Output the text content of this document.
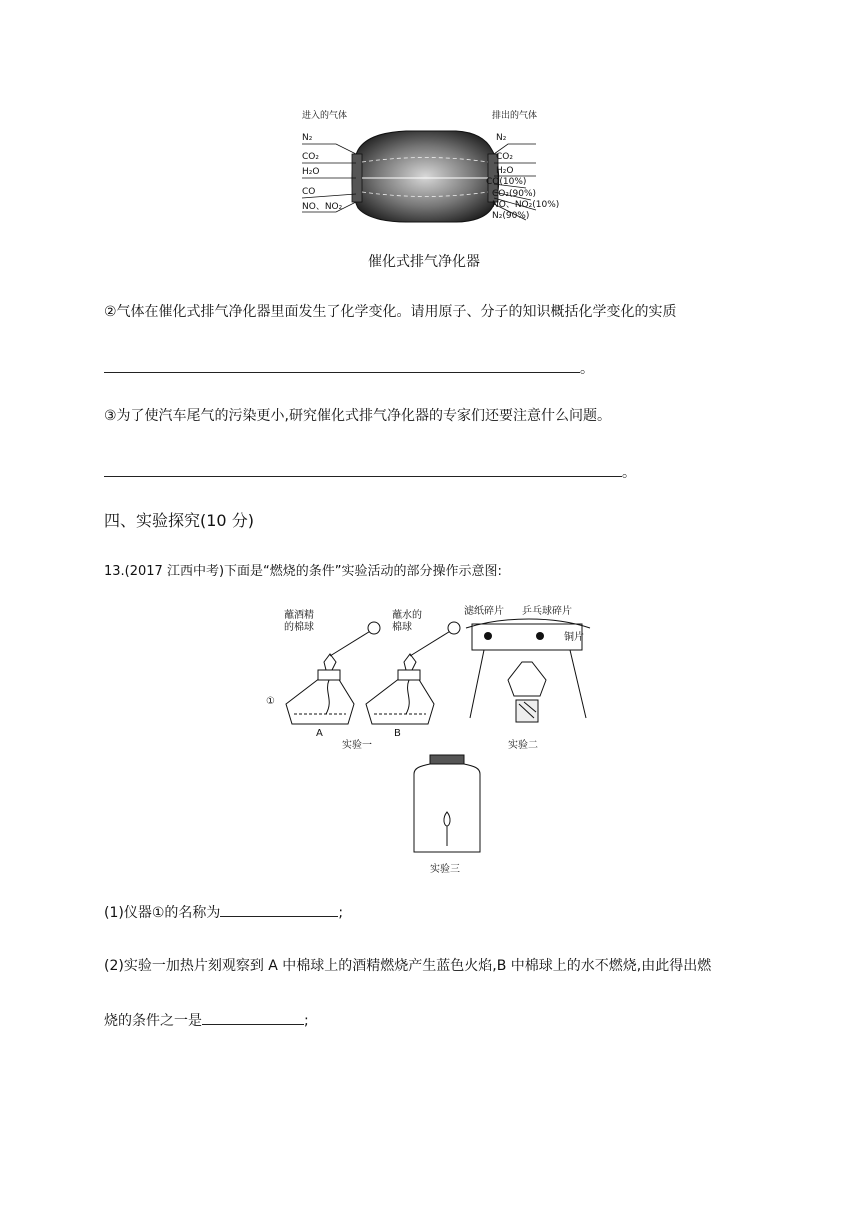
进入的气体	排出的气体
N₂
CO₂
H₂O
CO
NO、NO₂
N₂
CO₂
H₂O
CO(10%)
CO₂(90%)
NO、NO₂(10%)
N₂(90%)
催化式排气净化器
②气体在催化式排气净化器里面发生了化学变化。请用原子、分子的知识概括化学变化的实质
。
③为了使汽车尾气的污染更小,研究催化式排气净化器的专家们还要注意什么问题。
。
四、实验探究(10 分)
13.(2017 江西中考)下面是“燃烧的条件”实验活动的部分操作示意图:
蘸酒精
的棉球
蘸水的
棉球
滤纸碎片 乒乓球碎片
铜片
①
A	B
实验一	实验二
实验三
(1)仪器①的名称为	;
(2)实验一加热片刻观察到 A 中棉球上的酒精燃烧产生蓝色火焰,B 中棉球上的水不燃烧,由此得出燃
烧的条件之一是	;
